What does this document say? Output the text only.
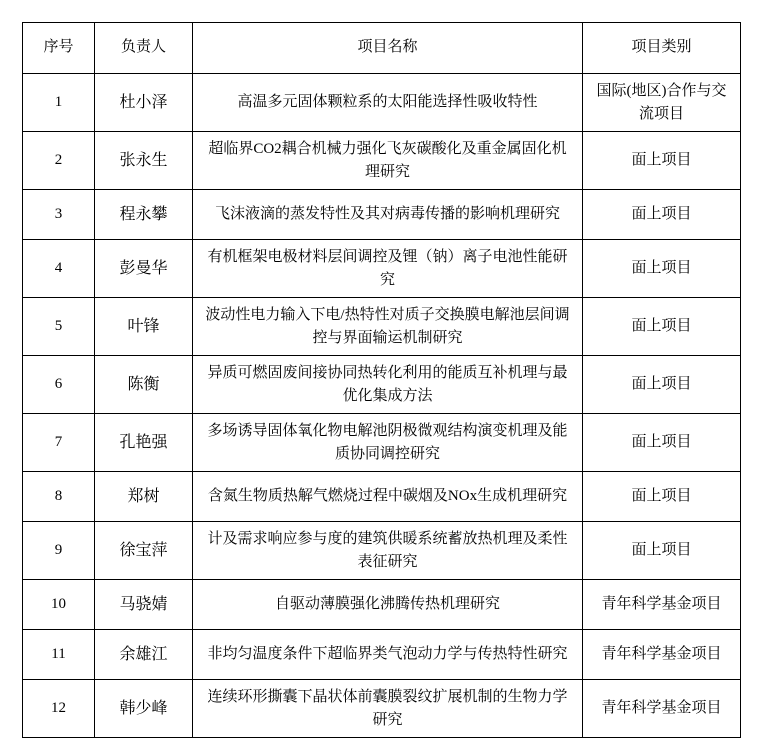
序号	负责人	项目名称	项目类别
1	杜小泽	高温多元固体颗粒系的太阳能选择性吸收特性	国际(地区)合作与交流项目
2	张永生	超临界CO2耦合机械力强化飞灰碳酸化及重金属固化机理研究	面上项目
3	程永攀	飞沫液滴的蒸发特性及其对病毒传播的影响机理研究	面上项目
4	彭曼华	有机框架电极材料层间调控及锂（钠）离子电池性能研究	面上项目
5	叶锋	波动性电力输入下电/热特性对质子交换膜电解池层间调控与界面输运机制研究	面上项目
6	陈衡	异质可燃固废间接协同热转化利用的能质互补机理与最优化集成方法	面上项目
7	孔艳强	多场诱导固体氧化物电解池阴极微观结构演变机理及能质协同调控研究	面上项目
8	郑树	含氮生物质热解气燃烧过程中碳烟及NOx生成机理研究	面上项目
9	徐宝萍	计及需求响应参与度的建筑供暖系统蓄放热机理及柔性表征研究	面上项目
10	马骁婧	自驱动薄膜强化沸腾传热机理研究	青年科学基金项目
11	余雄江	非均匀温度条件下超临界类气泡动力学与传热特性研究	青年科学基金项目
12	韩少峰	连续环形撕囊下晶状体前囊膜裂纹扩展机制的生物力学研究	青年科学基金项目
